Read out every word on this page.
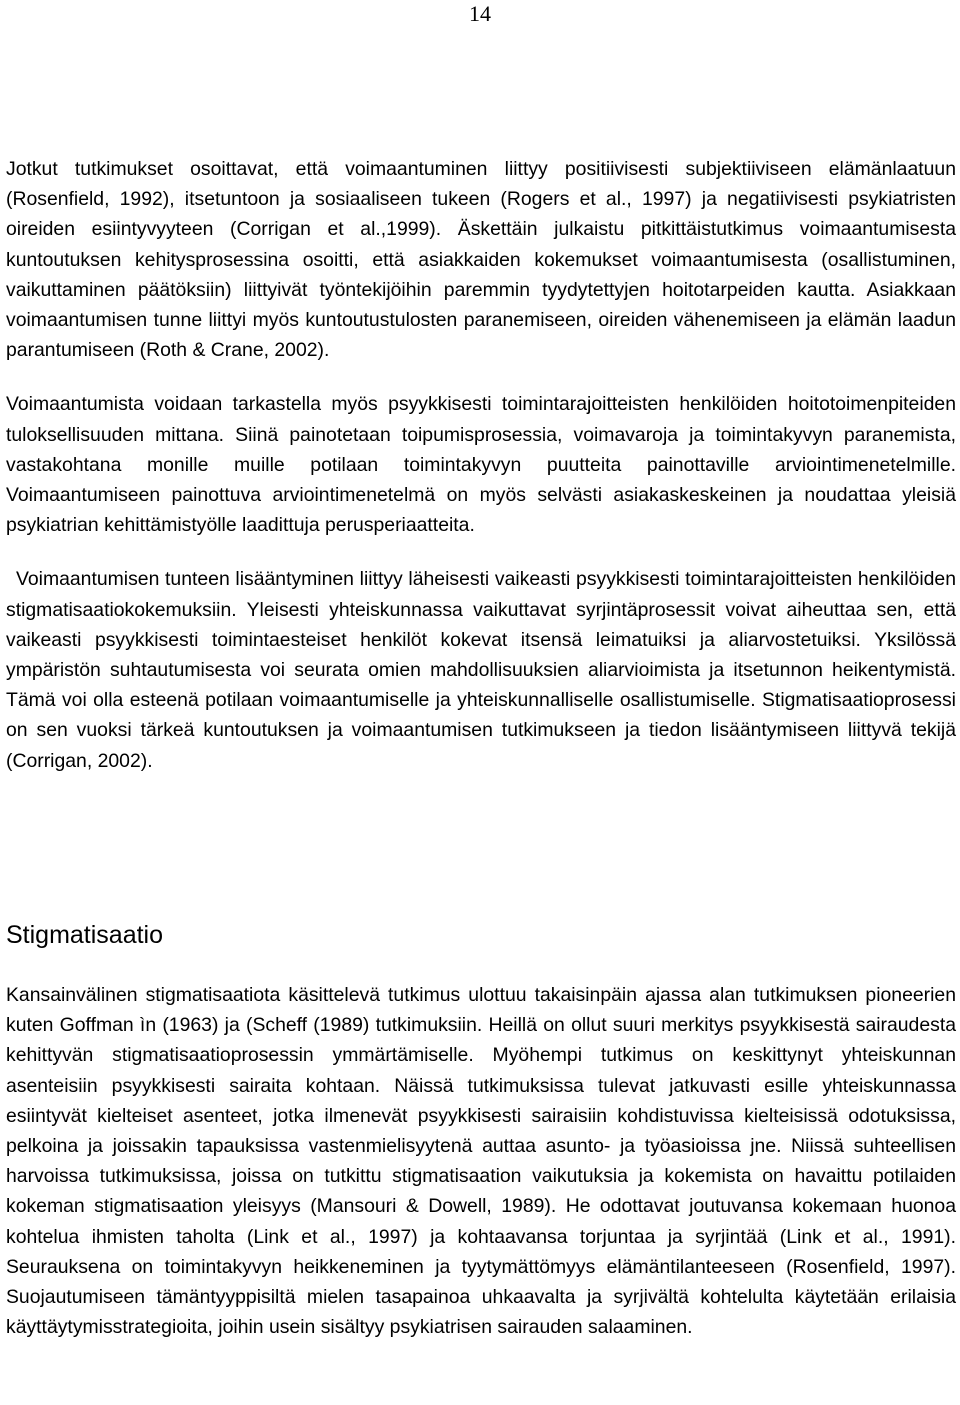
14

Jotkut tutkimukset osoittavat, että voimaantuminen liittyy positiivisesti subjektiiviseen elämänlaatuun (Rosenfield, 1992), itsetuntoon ja sosiaaliseen tukeen (Rogers et al., 1997) ja negatiivisesti psykiatristen oireiden esiintyvyyteen (Corrigan et al.,1999). Äskettäin julkaistu pitkittäistutkimus voimaantumisesta kuntoutuksen kehitysprosessina osoitti, että asiakkaiden kokemukset voimaantumisesta (osallistuminen, vaikuttaminen päätöksiin) liittyivät työntekijöihin paremmin tyydytettyjen hoitotarpeiden kautta. Asiakkaan voimaantumisen tunne liittyi myös kuntoutustulosten paranemiseen, oireiden vähenemiseen ja elämän laadun parantumiseen (Roth & Crane, 2002).

Voimaantumista voidaan tarkastella myös psyykkisesti toimintarajoitteisten henkilöiden hoitotoimenpiteiden tuloksellisuuden mittana. Siinä painotetaan toipumisprosessia, voimavaroja ja toimintakyvyn paranemista, vastakohtana monille muille potilaan toimintakyvyn puutteita painottaville arviointimenetelmille. Voimaantumiseen painottuva arviointimenetelmä on myös selvästi asiakaskeskeinen ja noudattaa yleisiä psykiatrian kehittämistyölle laadittuja perusperiaatteita.

Voimaantumisen tunteen lisääntyminen liittyy läheisesti vaikeasti psyykkisesti toimintarajoitteisten henkilöiden stigmatisaatiokokemuksiin. Yleisesti yhteiskunnassa vaikuttavat syrjintäprosessit voivat aiheuttaa sen, että vaikeasti psyykkisesti toimintaesteiset henkilöt kokevat itsensä leimatuiksi ja aliarvostetuiksi. Yksilössä ympäristön suhtautumisesta voi seurata omien mahdollisuuksien aliarvioimista ja itsetunnon heikentymistä. Tämä voi olla esteenä potilaan voimaantumiselle ja yhteiskunnalliselle osallistumiselle. Stigmatisaatioprosessi on sen vuoksi tärkeä kuntoutuksen ja voimaantumisen tutkimukseen ja tiedon lisääntymiseen liittyvä tekijä (Corrigan, 2002).

Stigmatisaatio

Kansainvälinen stigmatisaatiota käsittelevä tutkimus ulottuu takaisinpäin ajassa alan tutkimuksen pioneerien kuten Goffman ìn (1963) ja (Scheff (1989) tutkimuksiin. Heillä on ollut suuri merkitys psyykkisestä sairaudesta kehittyvän stigmatisaatioprosessin ymmärtämiselle. Myöhempi tutkimus on keskittynyt yhteiskunnan asenteisiin psyykkisesti sairaita kohtaan. Näissä tutkimuksissa tulevat jatkuvasti esille yhteiskunnassa esiintyvät kielteiset asenteet, jotka ilmenevät psyykkisesti sairaisiin kohdistuvissa kielteisissä odotuksissa, pelkoina ja joissakin tapauksissa vastenmielisyytenä auttaa asunto- ja työasioissa jne. Niissä suhteellisen harvoissa tutkimuksissa, joissa on tutkittu stigmatisaation vaikutuksia ja kokemista on havaittu potilaiden kokeman stigmatisaation yleisyys (Mansouri & Dowell, 1989). He odottavat joutuvansa kokemaan huonoa kohtelua ihmisten taholta (Link et al., 1997) ja kohtaavansa torjuntaa ja syrjintää (Link et al., 1991). Seurauksena on toimintakyvyn heikkeneminen ja tyytymättömyys elämäntilanteeseen (Rosenfield, 1997). Suojautumiseen tämäntyyppisiltä mielen tasapainoa uhkaavalta ja syrjivältä kohtelulta käytetään erilaisia käyttäytymisstrategioita, joihin usein sisältyy psykiatrisen sairauden salaaminen.
